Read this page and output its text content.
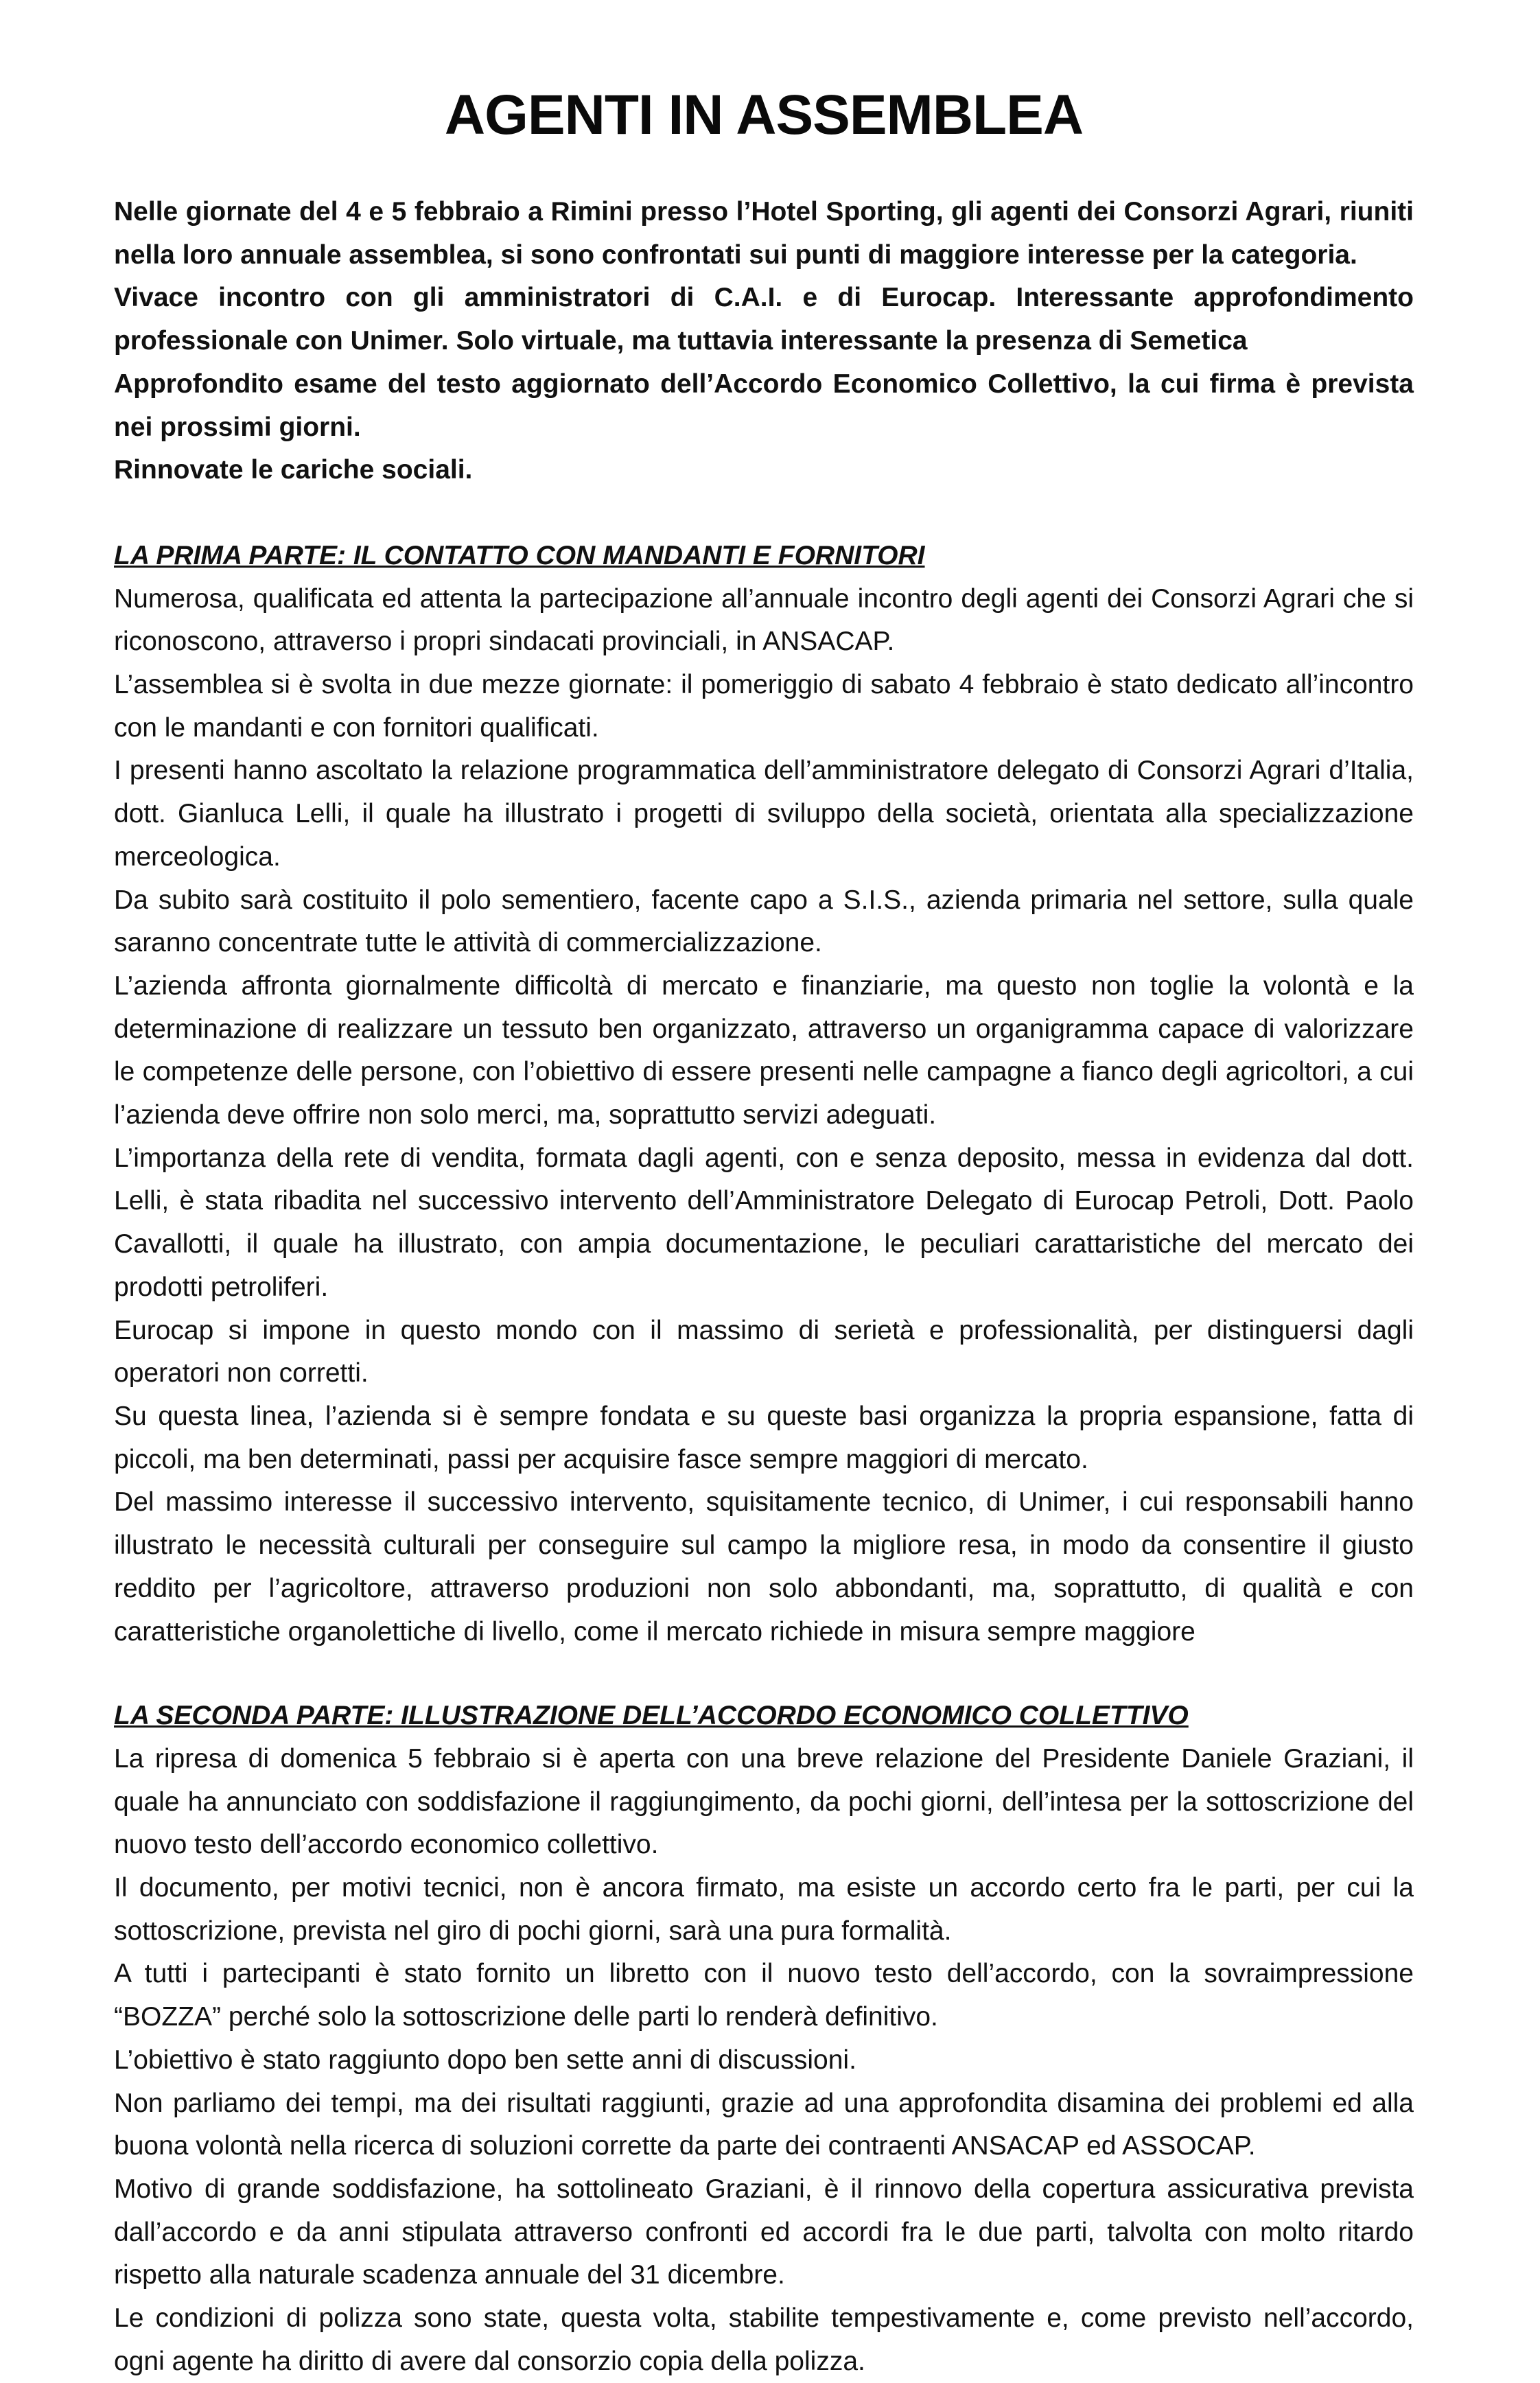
AGENTI IN ASSEMBLEA

Nelle giornate del 4 e 5 febbraio a Rimini presso l’Hotel Sporting, gli agenti dei Consorzi Agrari, riuniti nella loro annuale assemblea, si sono confrontati sui punti di maggiore interesse per la categoria.

Vivace incontro con gli amministratori di C.A.I. e di Eurocap. Interessante approfondimento professionale con Unimer. Solo virtuale, ma tuttavia interessante la presenza di Semetica

Approfondito esame del testo aggiornato dell’Accordo Economico Collettivo, la cui firma è prevista nei prossimi giorni.

Rinnovate le cariche sociali.

LA PRIMA PARTE: IL CONTATTO CON MANDANTI E FORNITORI

Numerosa, qualificata ed attenta la partecipazione all’annuale incontro degli agenti dei Consorzi Agrari che si riconoscono, attraverso i propri sindacati provinciali, in ANSACAP.

L’assemblea si è svolta in due mezze giornate: il pomeriggio di sabato 4 febbraio è stato dedicato all’incontro con le mandanti e con fornitori qualificati.

I presenti hanno ascoltato la relazione programmatica dell’amministratore delegato di Consorzi Agrari d’Italia, dott. Gianluca Lelli, il quale ha illustrato i progetti di sviluppo della società, orientata alla specializzazione merceologica.

Da subito sarà costituito il polo sementiero, facente capo a S.I.S., azienda primaria nel settore, sulla quale saranno concentrate tutte le attività di commercializzazione.

L’azienda affronta giornalmente difficoltà di mercato e finanziarie, ma questo non toglie la volontà e la determinazione di realizzare un tessuto ben organizzato, attraverso un organigramma capace di valorizzare le competenze delle persone, con l’obiettivo di essere presenti nelle campagne a fianco degli agricoltori, a cui l’azienda deve offrire non solo merci, ma, soprattutto servizi adeguati.

L’importanza della rete di vendita, formata dagli agenti, con e senza deposito, messa in evidenza dal dott. Lelli, è stata ribadita nel successivo intervento dell’Amministratore Delegato di Eurocap Petroli, Dott. Paolo Cavallotti, il quale ha illustrato, con ampia documentazione, le peculiari carattaristiche del mercato dei prodotti petroliferi.

Eurocap si impone in questo mondo con il massimo di serietà e professionalità, per distinguersi dagli operatori non corretti.

Su questa linea, l’azienda si è sempre fondata e su queste basi organizza la propria espansione, fatta di piccoli, ma ben determinati, passi per acquisire fasce sempre maggiori di mercato.

Del massimo interesse il successivo intervento, squisitamente tecnico, di Unimer, i cui responsabili hanno illustrato le necessità culturali per conseguire sul campo la migliore resa, in modo da consentire il giusto reddito per l’agricoltore, attraverso produzioni non solo abbondanti, ma, soprattutto, di qualità e con caratteristiche organolettiche di livello, come il mercato richiede in misura sempre maggiore

LA SECONDA PARTE: ILLUSTRAZIONE DELL’ACCORDO ECONOMICO COLLETTIVO

La ripresa di domenica 5 febbraio si è aperta con una breve relazione del Presidente Daniele Graziani, il quale ha annunciato con soddisfazione il raggiungimento, da pochi giorni, dell’intesa per la sottoscrizione del nuovo testo dell’accordo economico collettivo.

Il documento, per motivi tecnici, non è ancora firmato, ma esiste un accordo certo fra le parti, per cui la sottoscrizione, prevista nel giro di pochi giorni, sarà una pura formalità.

A tutti i partecipanti è stato fornito un libretto con il nuovo testo dell’accordo, con la sovraimpressione “BOZZA” perché solo la sottoscrizione delle parti lo renderà definitivo.

L’obiettivo è stato raggiunto dopo ben sette anni di discussioni.

Non parliamo dei tempi, ma dei risultati raggiunti, grazie ad una approfondita disamina dei problemi ed alla buona volontà nella ricerca di soluzioni corrette da parte dei contraenti ANSACAP ed ASSOCAP.

Motivo di grande soddisfazione, ha sottolineato Graziani, è il rinnovo della copertura assicurativa prevista dall’accordo e da anni stipulata attraverso confronti ed accordi fra le due parti, talvolta con molto ritardo rispetto alla naturale scadenza annuale del 31 dicembre.

Le condizioni di polizza sono state, questa volta, stabilite tempestivamente e, come previsto nell’accordo, ogni agente ha diritto di avere dal consorzio copia della polizza.
